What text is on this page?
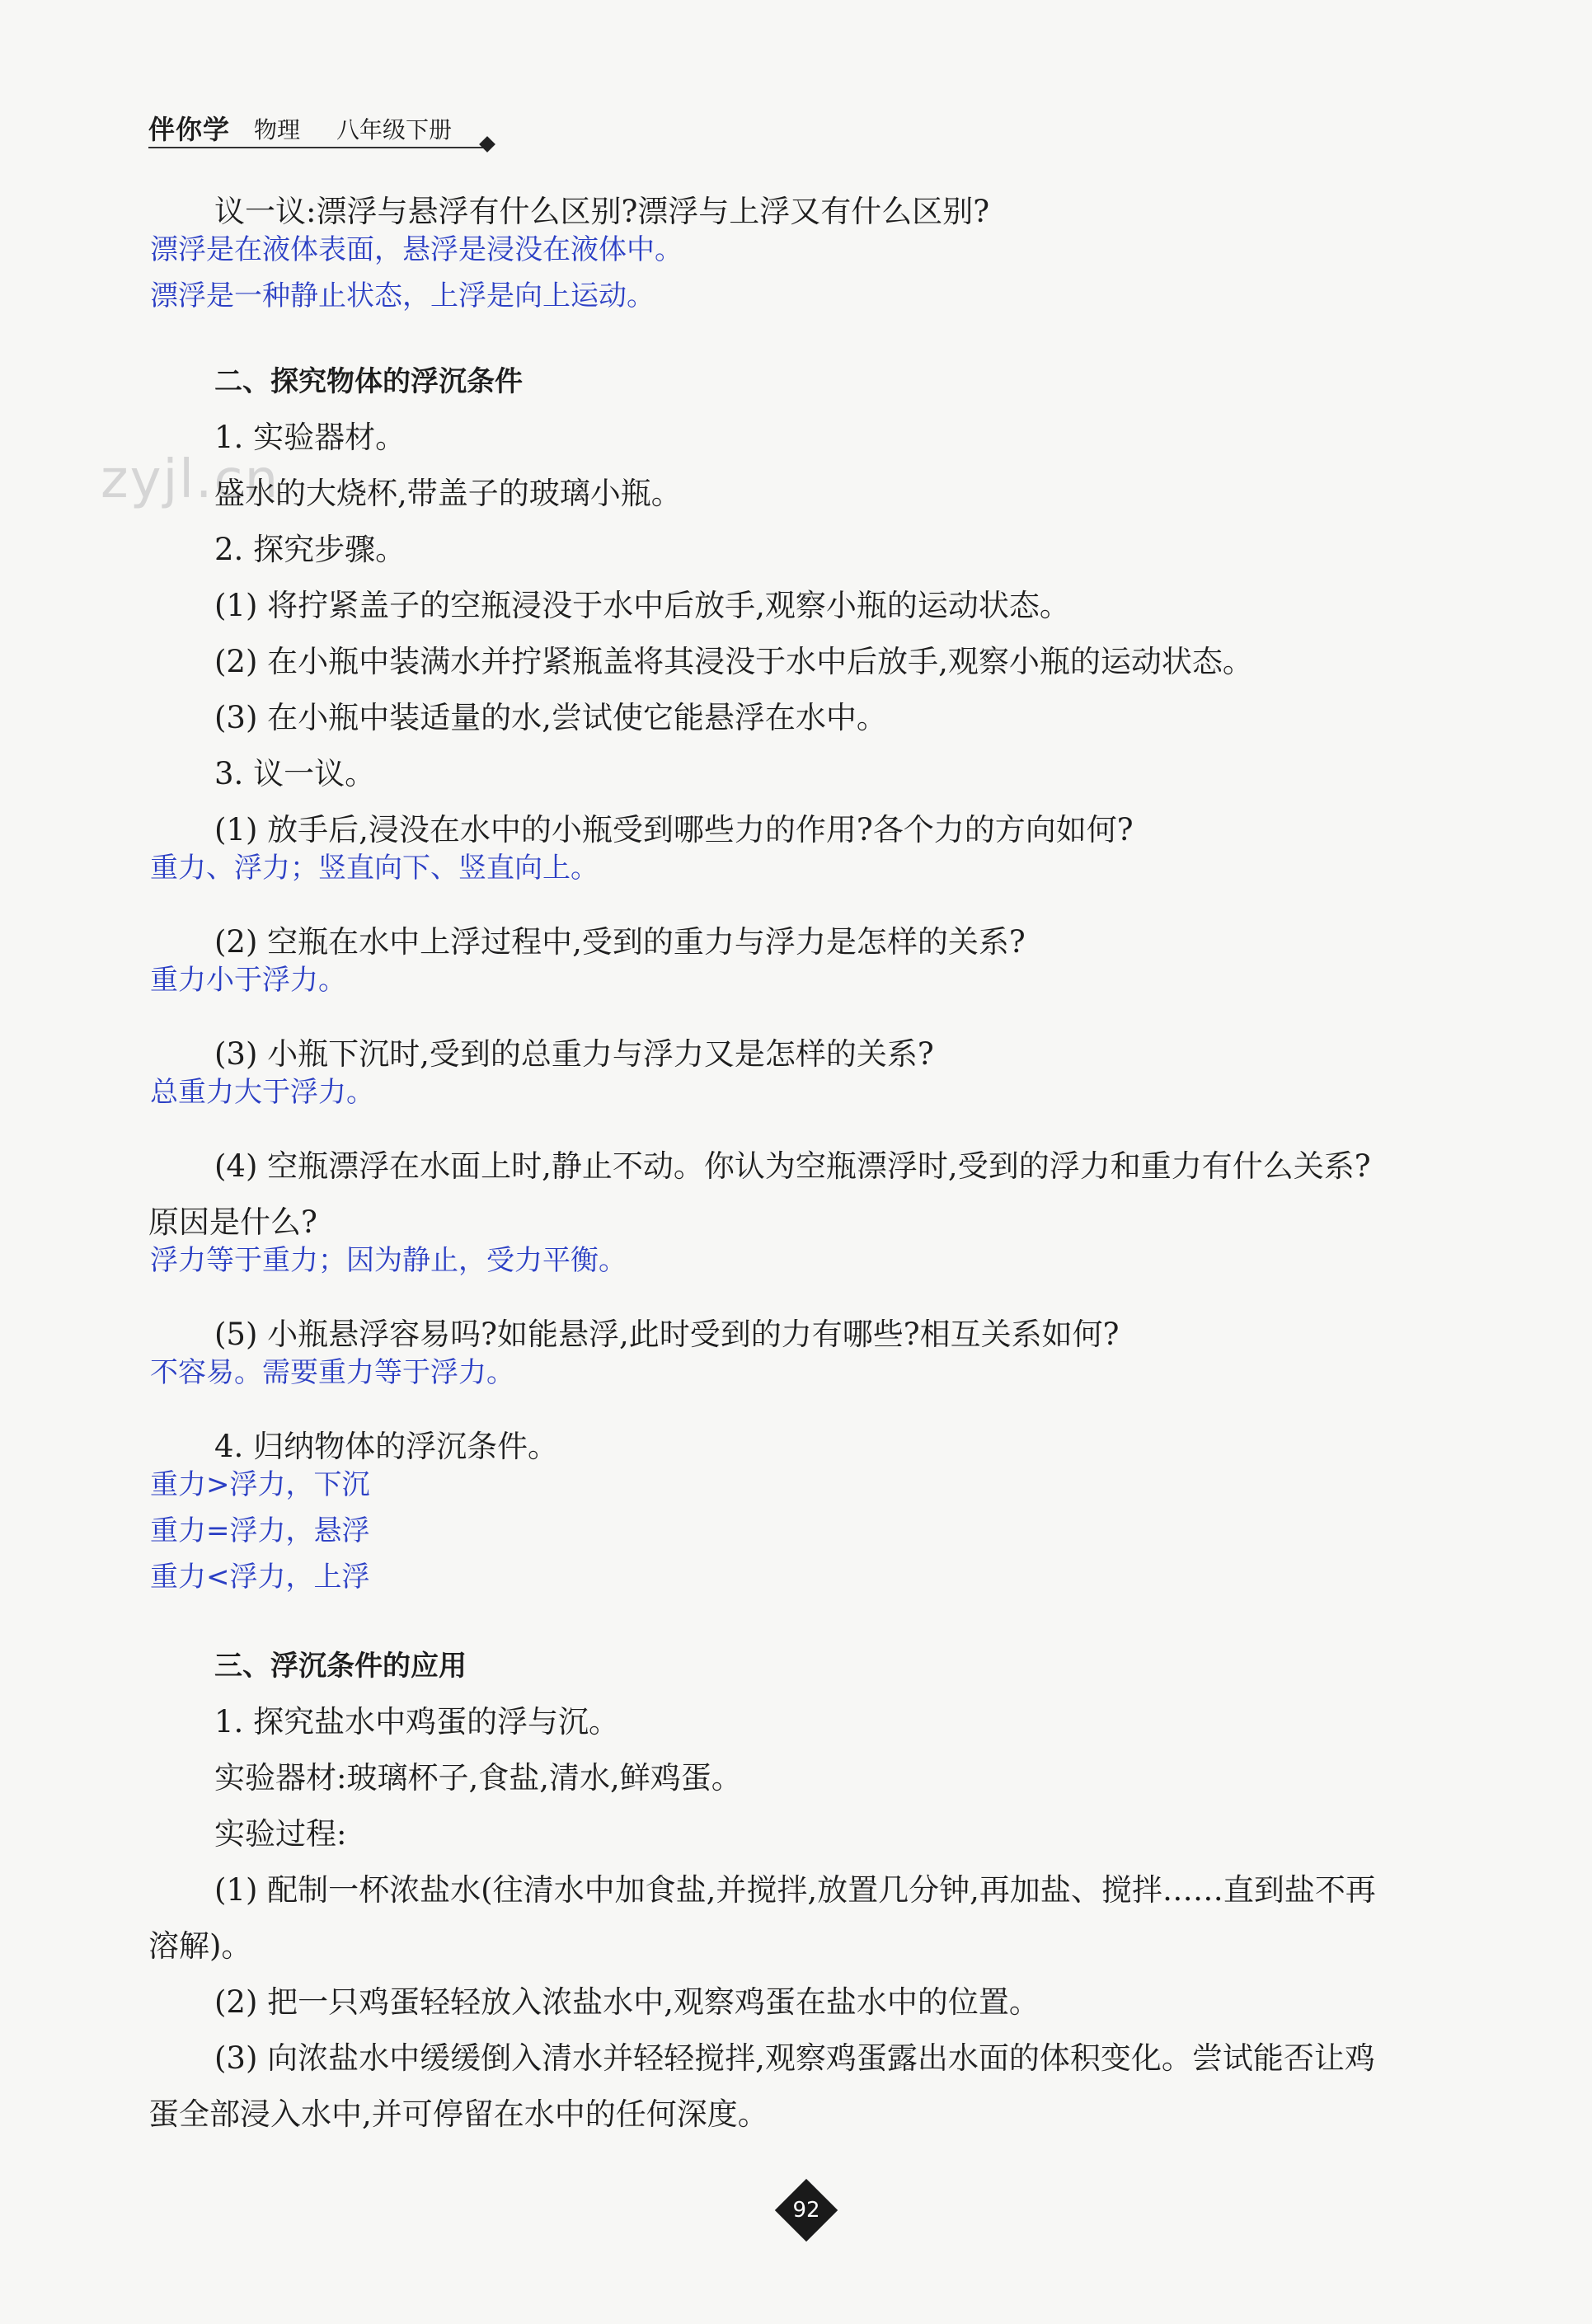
伴你学 物理 八年级下册
zyjl.cn
议一议:漂浮与悬浮有什么区别?漂浮与上浮又有什么区别?
漂浮是在液体表面，悬浮是浸没在液体中。
漂浮是一种静止状态，上浮是向上运动。
二、探究物体的浮沉条件
1. 实验器材。
盛水的大烧杯,带盖子的玻璃小瓶。
2. 探究步骤。
(1) 将拧紧盖子的空瓶浸没于水中后放手,观察小瓶的运动状态。
(2) 在小瓶中装满水并拧紧瓶盖将其浸没于水中后放手,观察小瓶的运动状态。
(3) 在小瓶中装适量的水,尝试使它能悬浮在水中。
3. 议一议。
(1) 放手后,浸没在水中的小瓶受到哪些力的作用?各个力的方向如何?
重力、浮力；竖直向下、竖直向上。
(2) 空瓶在水中上浮过程中,受到的重力与浮力是怎样的关系?
重力小于浮力。
(3) 小瓶下沉时,受到的总重力与浮力又是怎样的关系?
总重力大于浮力。
(4) 空瓶漂浮在水面上时,静止不动。你认为空瓶漂浮时,受到的浮力和重力有什么关系?
原因是什么?
浮力等于重力；因为静止，受力平衡。
(5) 小瓶悬浮容易吗?如能悬浮,此时受到的力有哪些?相互关系如何?
不容易。需要重力等于浮力。
4. 归纳物体的浮沉条件。
重力>浮力，下沉
重力=浮力，悬浮
重力<浮力，上浮
三、浮沉条件的应用
1. 探究盐水中鸡蛋的浮与沉。
实验器材:玻璃杯子,食盐,清水,鲜鸡蛋。
实验过程:
(1) 配制一杯浓盐水(往清水中加食盐,并搅拌,放置几分钟,再加盐、搅拌……直到盐不再
溶解)。
(2) 把一只鸡蛋轻轻放入浓盐水中,观察鸡蛋在盐水中的位置。
(3) 向浓盐水中缓缓倒入清水并轻轻搅拌,观察鸡蛋露出水面的体积变化。尝试能否让鸡
蛋全部浸入水中,并可停留在水中的任何深度。
92
